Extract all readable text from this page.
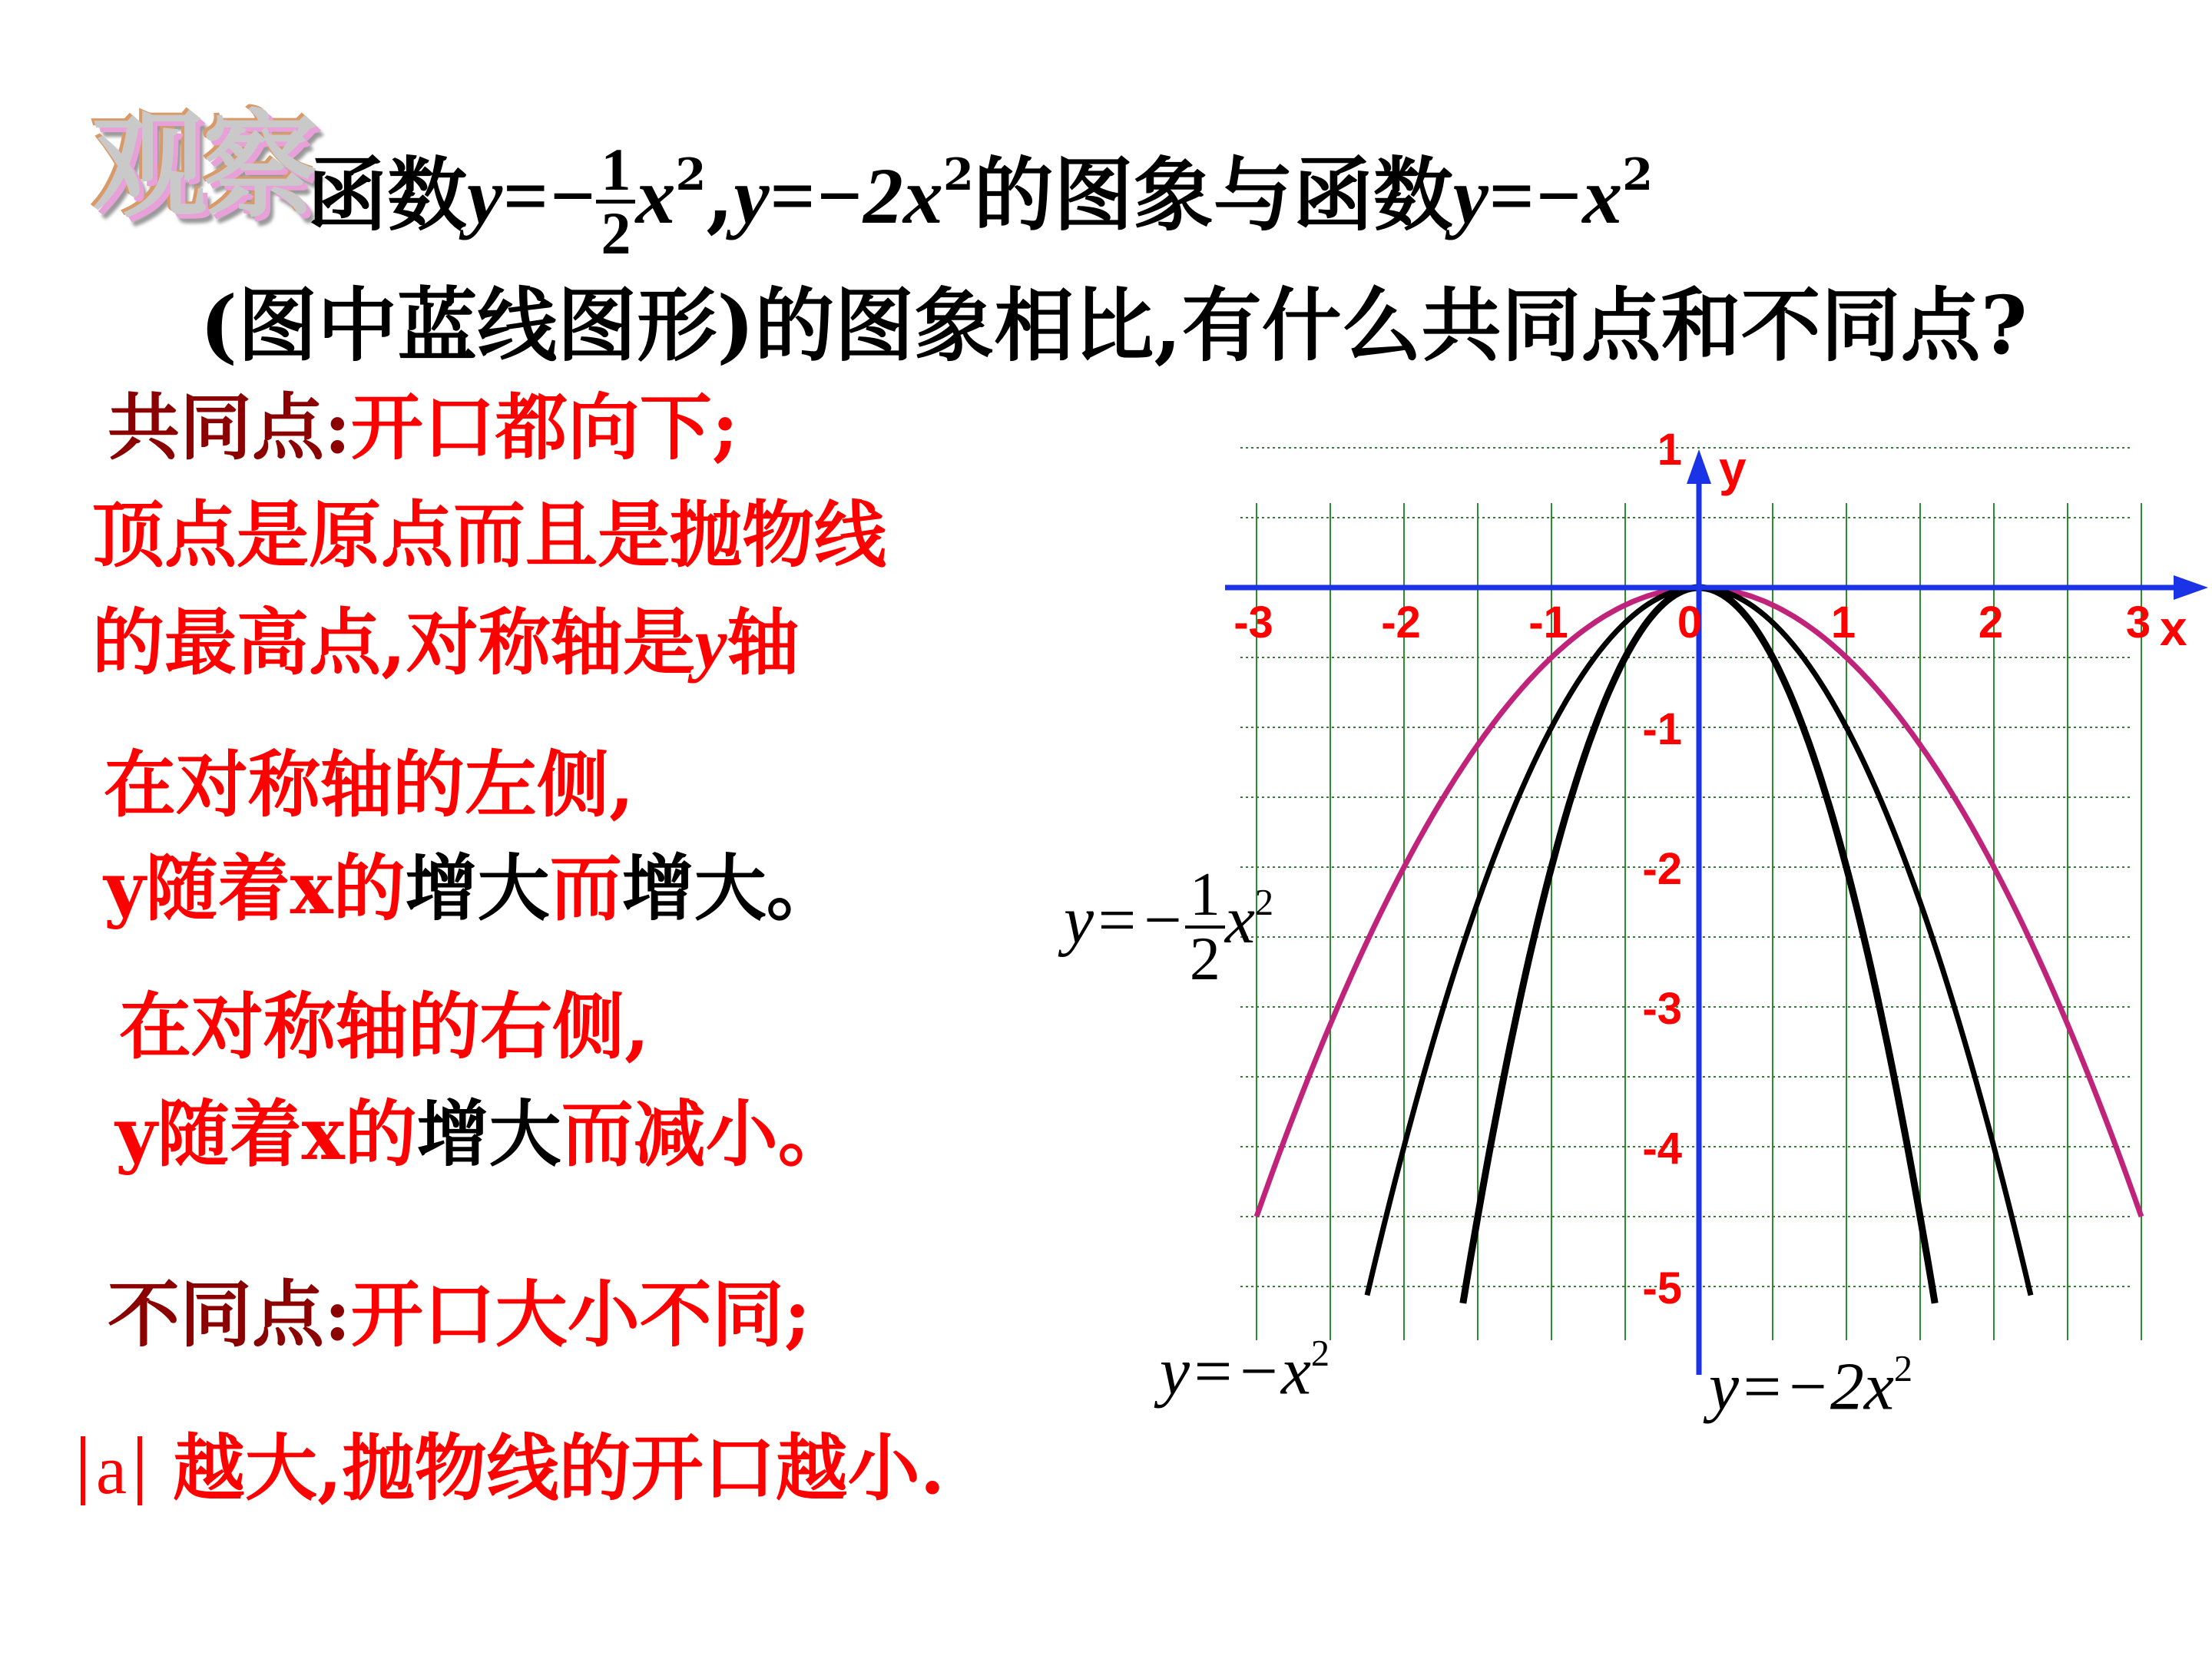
观察
函数$y=- \frac{1}{2} x^2,y=-2x^2$的图象与函数$y=-x^2$
(图中蓝线图形)的图象相比,有什么共同点和不同点?
共同点:开口都向下;
顶点是原点而且是抛物线
的最高点,对称轴是y轴
在对称轴的左侧,
y随着x的增大而增大。
在对称轴的右侧,
y随着x的增大而减小。
不同点:开口大小不同;
a 越大,抛物线的开口越小.
x
y
-3 -2 -1 0	1	2	3
1
-1
-2
-3
-4
-5
$y=- \frac{1}{2} x^2$
$y=-x^2$	$y=-2x^2$
